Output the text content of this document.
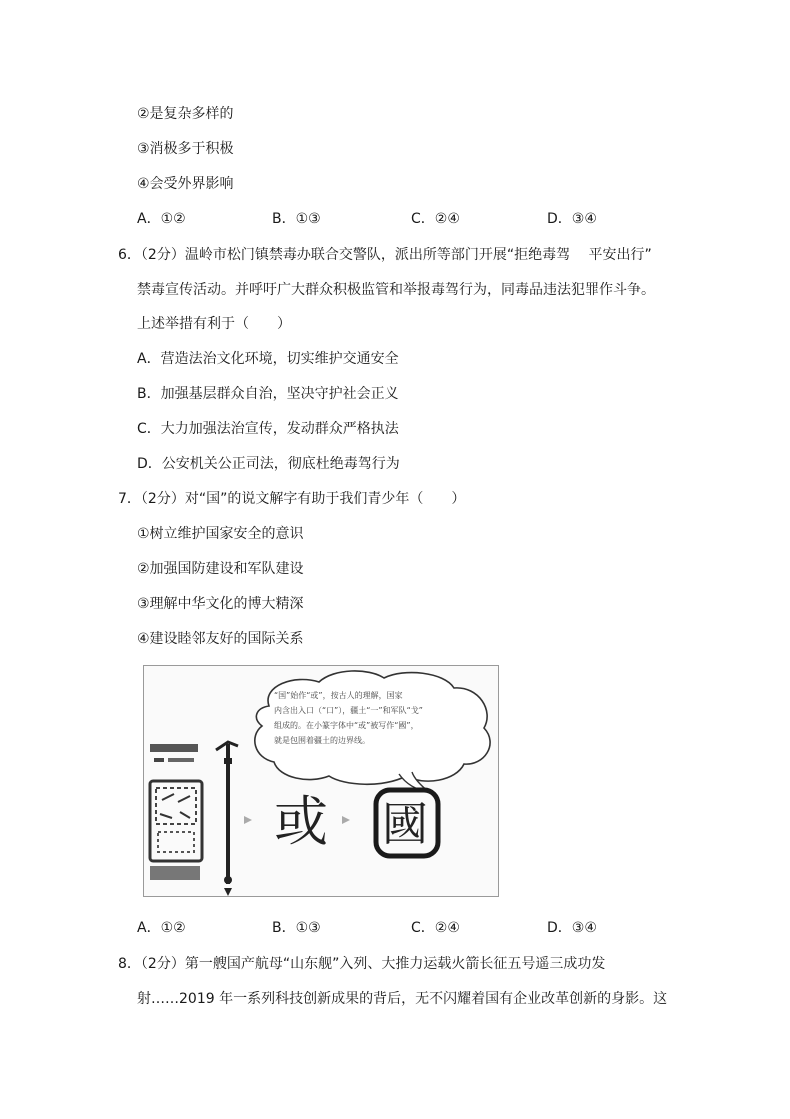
②是复杂多样的
③消极多于积极
④会受外界影响
A．①②	B．①③	C．②④	D．③④
6．（2分）温岭市松门镇禁毒办联合交警队，派出所等部门开展“拒绝毒驾　 平安出行”
禁毒宣传活动。并呼吁广大群众积极监管和举报毒驾行为，同毒品违法犯罪作斗争。
上述举措有利于（　　）
A．营造法治文化环境，切实维护交通安全
B．加强基层群众自治，坚决守护社会正义
C．大力加强法治宣传，发动群众严格执法
D．公安机关公正司法，彻底杜绝毒驾行为
7．（2分）对“国”的说文解字有助于我们青少年（　　）
①树立维护国家安全的意识
②加强国防建设和军队建设
③理解中华文化的博大精深
④建设睦邻友好的国际关系
“国”始作“或”，按古人的理解，国家
内含出入口（“口”），疆土“一”和军队“戈”
组成的。在小篆字体中“或”被写作“國”，
就是包围着疆土的边界线。
或 國
A．①②	B．①③	C．②④	D．③④
8．（2分）第一艘国产航母“山东舰”入列、大推力运载火箭长征五号遥三成功发
射……2019 年一系列科技创新成果的背后，无不闪耀着国有企业改革创新的身影。这
